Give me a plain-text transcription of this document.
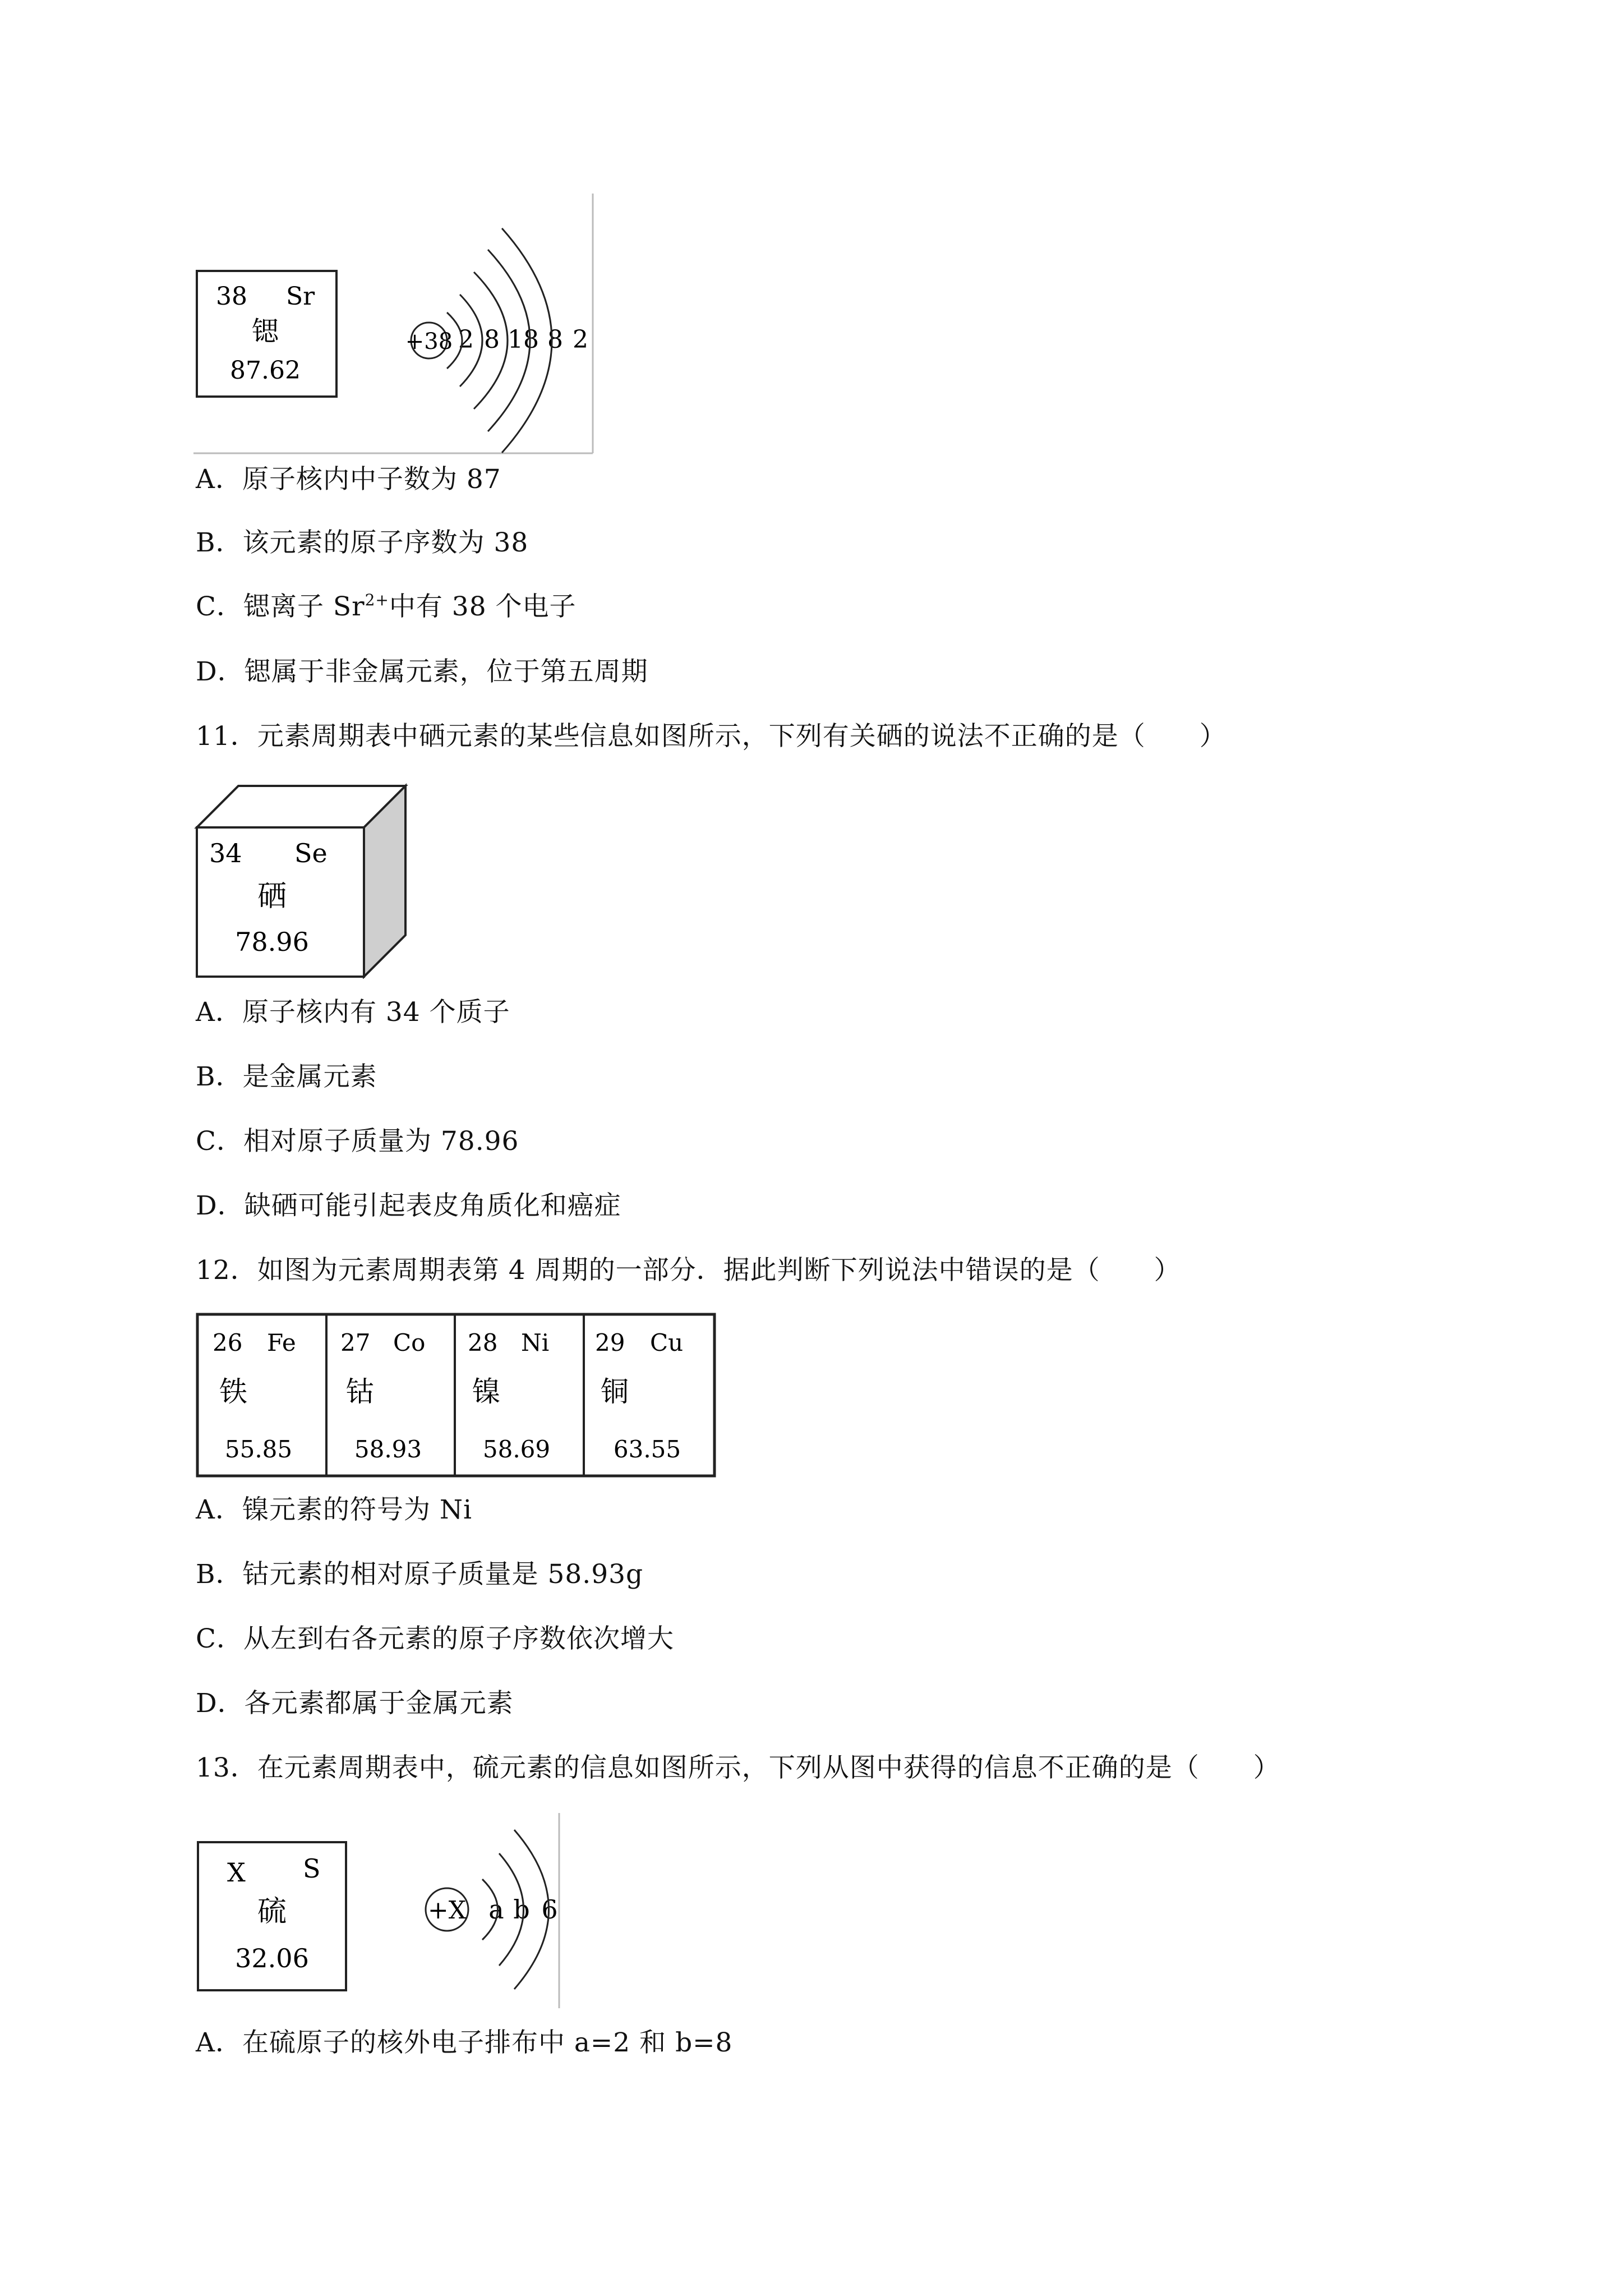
38 Sr
锶
87.62
+38 2 8 18 8 2
A．原子核内中子数为 87
B．该元素的原子序数为 38
C．锶离子 $Sr^{2+}$中有 38 个电子
D．锶属于非金属元素，位于第五周期
11．元素周期表中硒元素的某些信息如图所示，下列有关硒的说法不正确的是（　　）
34 Se
硒
78.96
A．原子核内有 34 个质子
B．是金属元素
C．相对原子质量为 78.96
D．缺硒可能引起表皮角质化和癌症
12．如图为元素周期表第 4 周期的一部分．据此判断下列说法中错误的是（　　）
26 Fe
铁
55.85
27 Co
钴
58.93
28 Ni
镍
58.69
29 Cu
铜
63.55
A．镍元素的符号为 Ni
B．钴元素的相对原子质量是 58.93g
C．从左到右各元素的原子序数依次增大
D．各元素都属于金属元素
13．在元素周期表中，硫元素的信息如图所示，下列从图中获得的信息不正确的是（　　）
X S
硫
32.06
+X a b 6
A．在硫原子的核外电子排布中 a=2 和 b=8
